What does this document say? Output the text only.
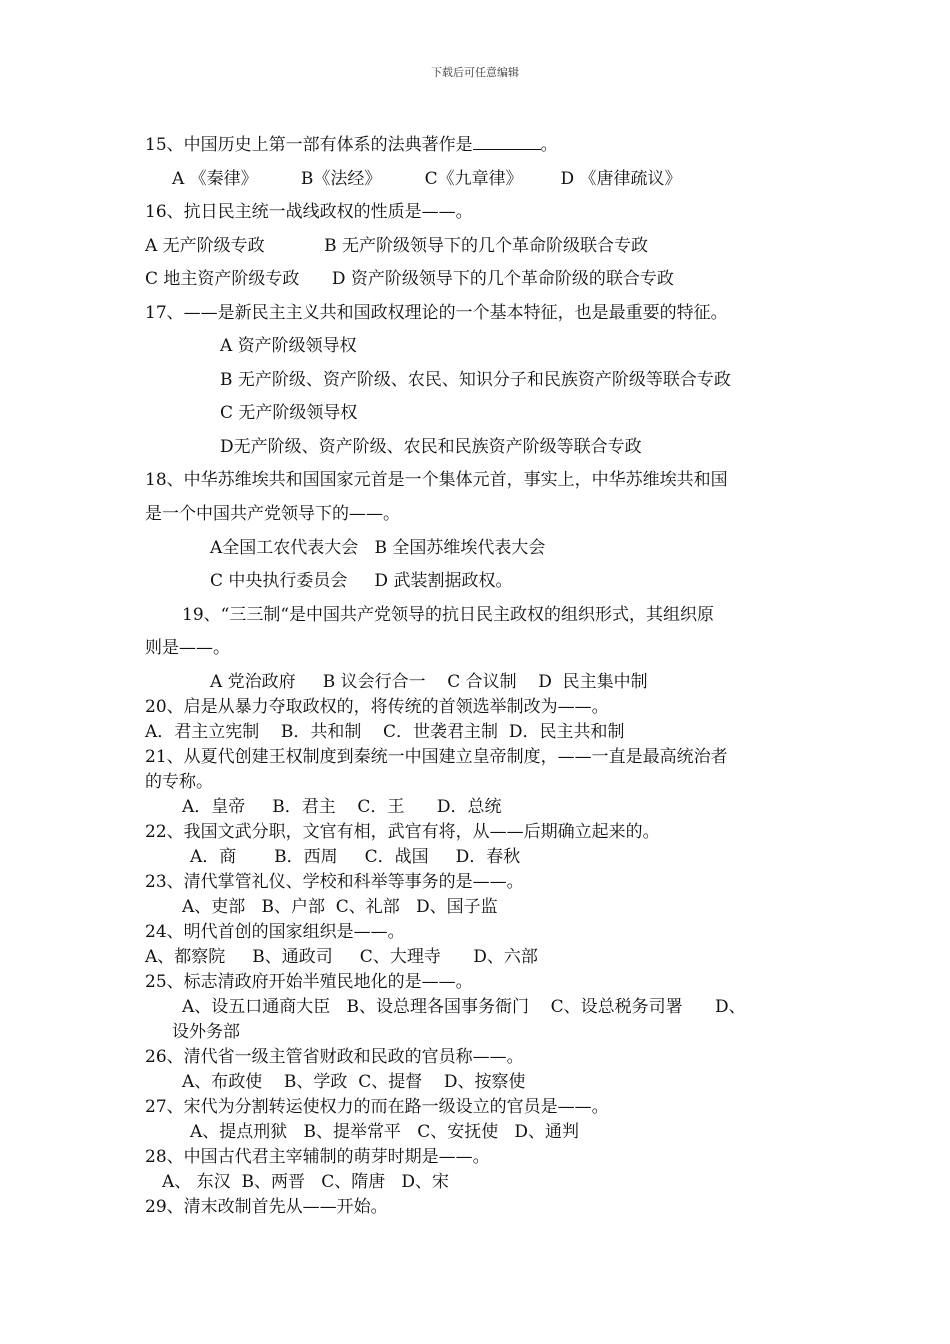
下载后可任意编辑
15、中国历史上第一部有体系的法典著作是	。
A 《秦律》        B《法经》        C《九章律》       D 《唐律疏议》
16、抗日民主统一战线政权的性质是——。
A 无产阶级专政           B 无产阶级领导下的几个革命阶级联合专政
C 地主资产阶级专政      D 资产阶级领导下的几个革命阶级的联合专政
17、——是新民主主义共和国政权理论的一个基本特征，也是最重要的特征。
A 资产阶级领导权
B 无产阶级、资产阶级、农民、知识分子和民族资产阶级等联合专政
C 无产阶级领导权
D无产阶级、资产阶级、农民和民族资产阶级等联合专政
18、中华苏维埃共和国国家元首是一个集体元首，事实上，中华苏维埃共和国
是一个中国共产党领导下的——。
A全国工农代表大会   B 全国苏维埃代表大会
C 中央执行委员会     D 武装割据政权。
19、“三三制“是中国共产党领导的抗日民主政权的组织形式，其组织原
则是——。
A 党治政府     B 议会行合一    C 合议制    D  民主集中制
20、启是从暴力夺取政权的，将传统的首领选举制改为——。
A．君主立宪制    B．共和制    C．世袭君主制  D．民主共和制
21、从夏代创建王权制度到秦统一中国建立皇帝制度，——一直是最高统治者
的专称。
A．皇帝     B．君主    C．王      D．总统
22、我国文武分职，文官有相，武官有将，从——后期确立起来的。
A．商       B．西周     C．战国     D．春秋
23、清代掌管礼仪、学校和科举等事务的是——。
A、吏部   B、户部  C、礼部   D、国子监
24、明代首创的国家组织是——。
A、都察院     B、通政司     C、大理寺      D、六部
25、标志清政府开始半殖民地化的是——。
A、设五口通商大臣   B、设总理各国事务衙门    C、设总税务司署      D、
设外务部
26、清代省一级主管省财政和民政的官员称——。
A、布政使    B、学政  C、提督    D、按察使
27、宋代为分割转运使权力的而在路一级设立的官员是——。
A、提点刑狱   B、提举常平   C、安抚使   D、通判
28、中国古代君主宰辅制的萌芽时期是——。
A、 东汉  B、两晋   C、隋唐   D、宋
29、清末改制首先从——开始。
